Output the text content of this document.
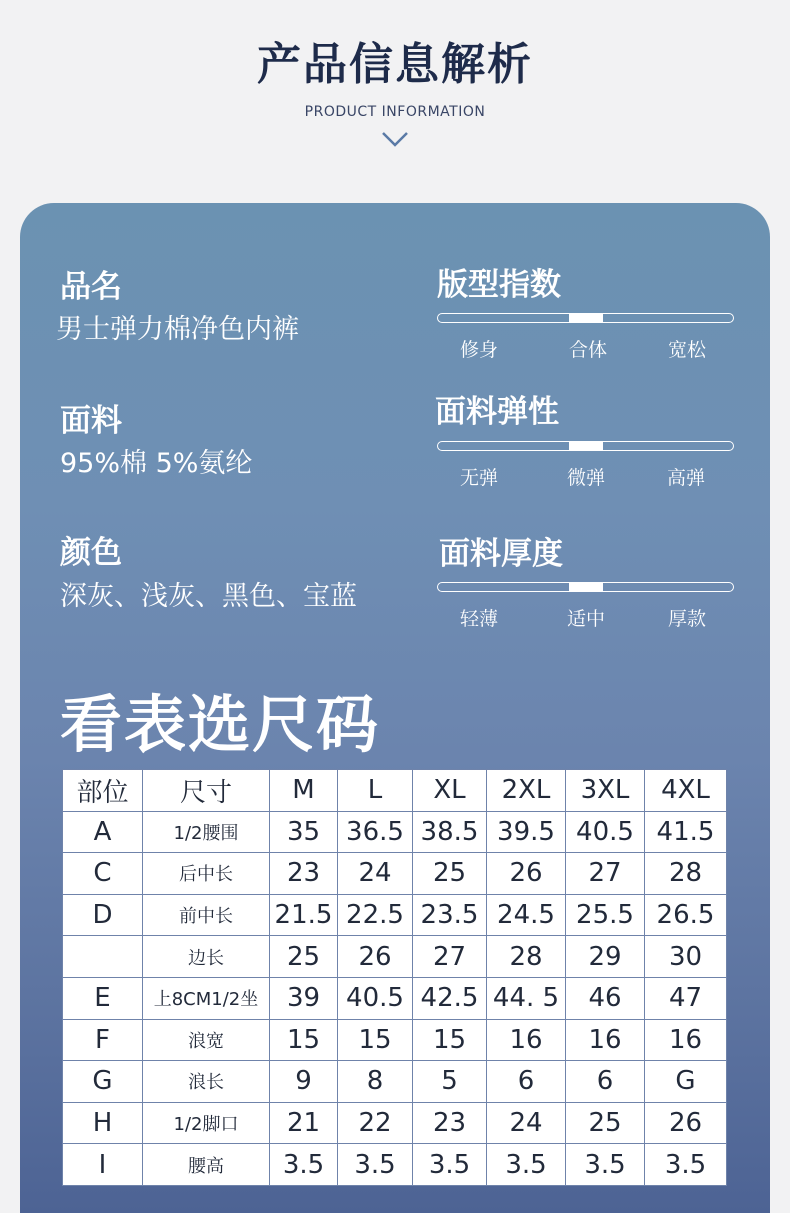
产品信息解析
PRODUCT INFORMATION
品名
男士弹力棉净色内裤
面料
95%棉 5%氨纶
颜色
深灰、浅灰、黑色、宝蓝
版型指数
修身	合体	宽松
面料弹性
无弹	微弹	高弹
面料厚度
轻薄	适中	厚款
看表选尺码
部位	尺寸	M	L	XL	2XL	3XL	4XL
A	1/2腰围	35	36.5	38.5	39.5	40.5	41.5
C	后中长	23	24	25	26	27	28
D	前中长	21.5	22.5	23.5	24.5	25.5	26.5
	边长	25	26	27	28	29	30
E	上8CM1/2坐	39	40.5	42.5	44. 5	46	47
F	浪宽	15	15	15	16	16	16
G	浪长	9	8	5	6	6	G
H	1/2脚口	21	22	23	24	25	26
I	腰高	3.5	3.5	3.5	3.5	3.5	3.5
